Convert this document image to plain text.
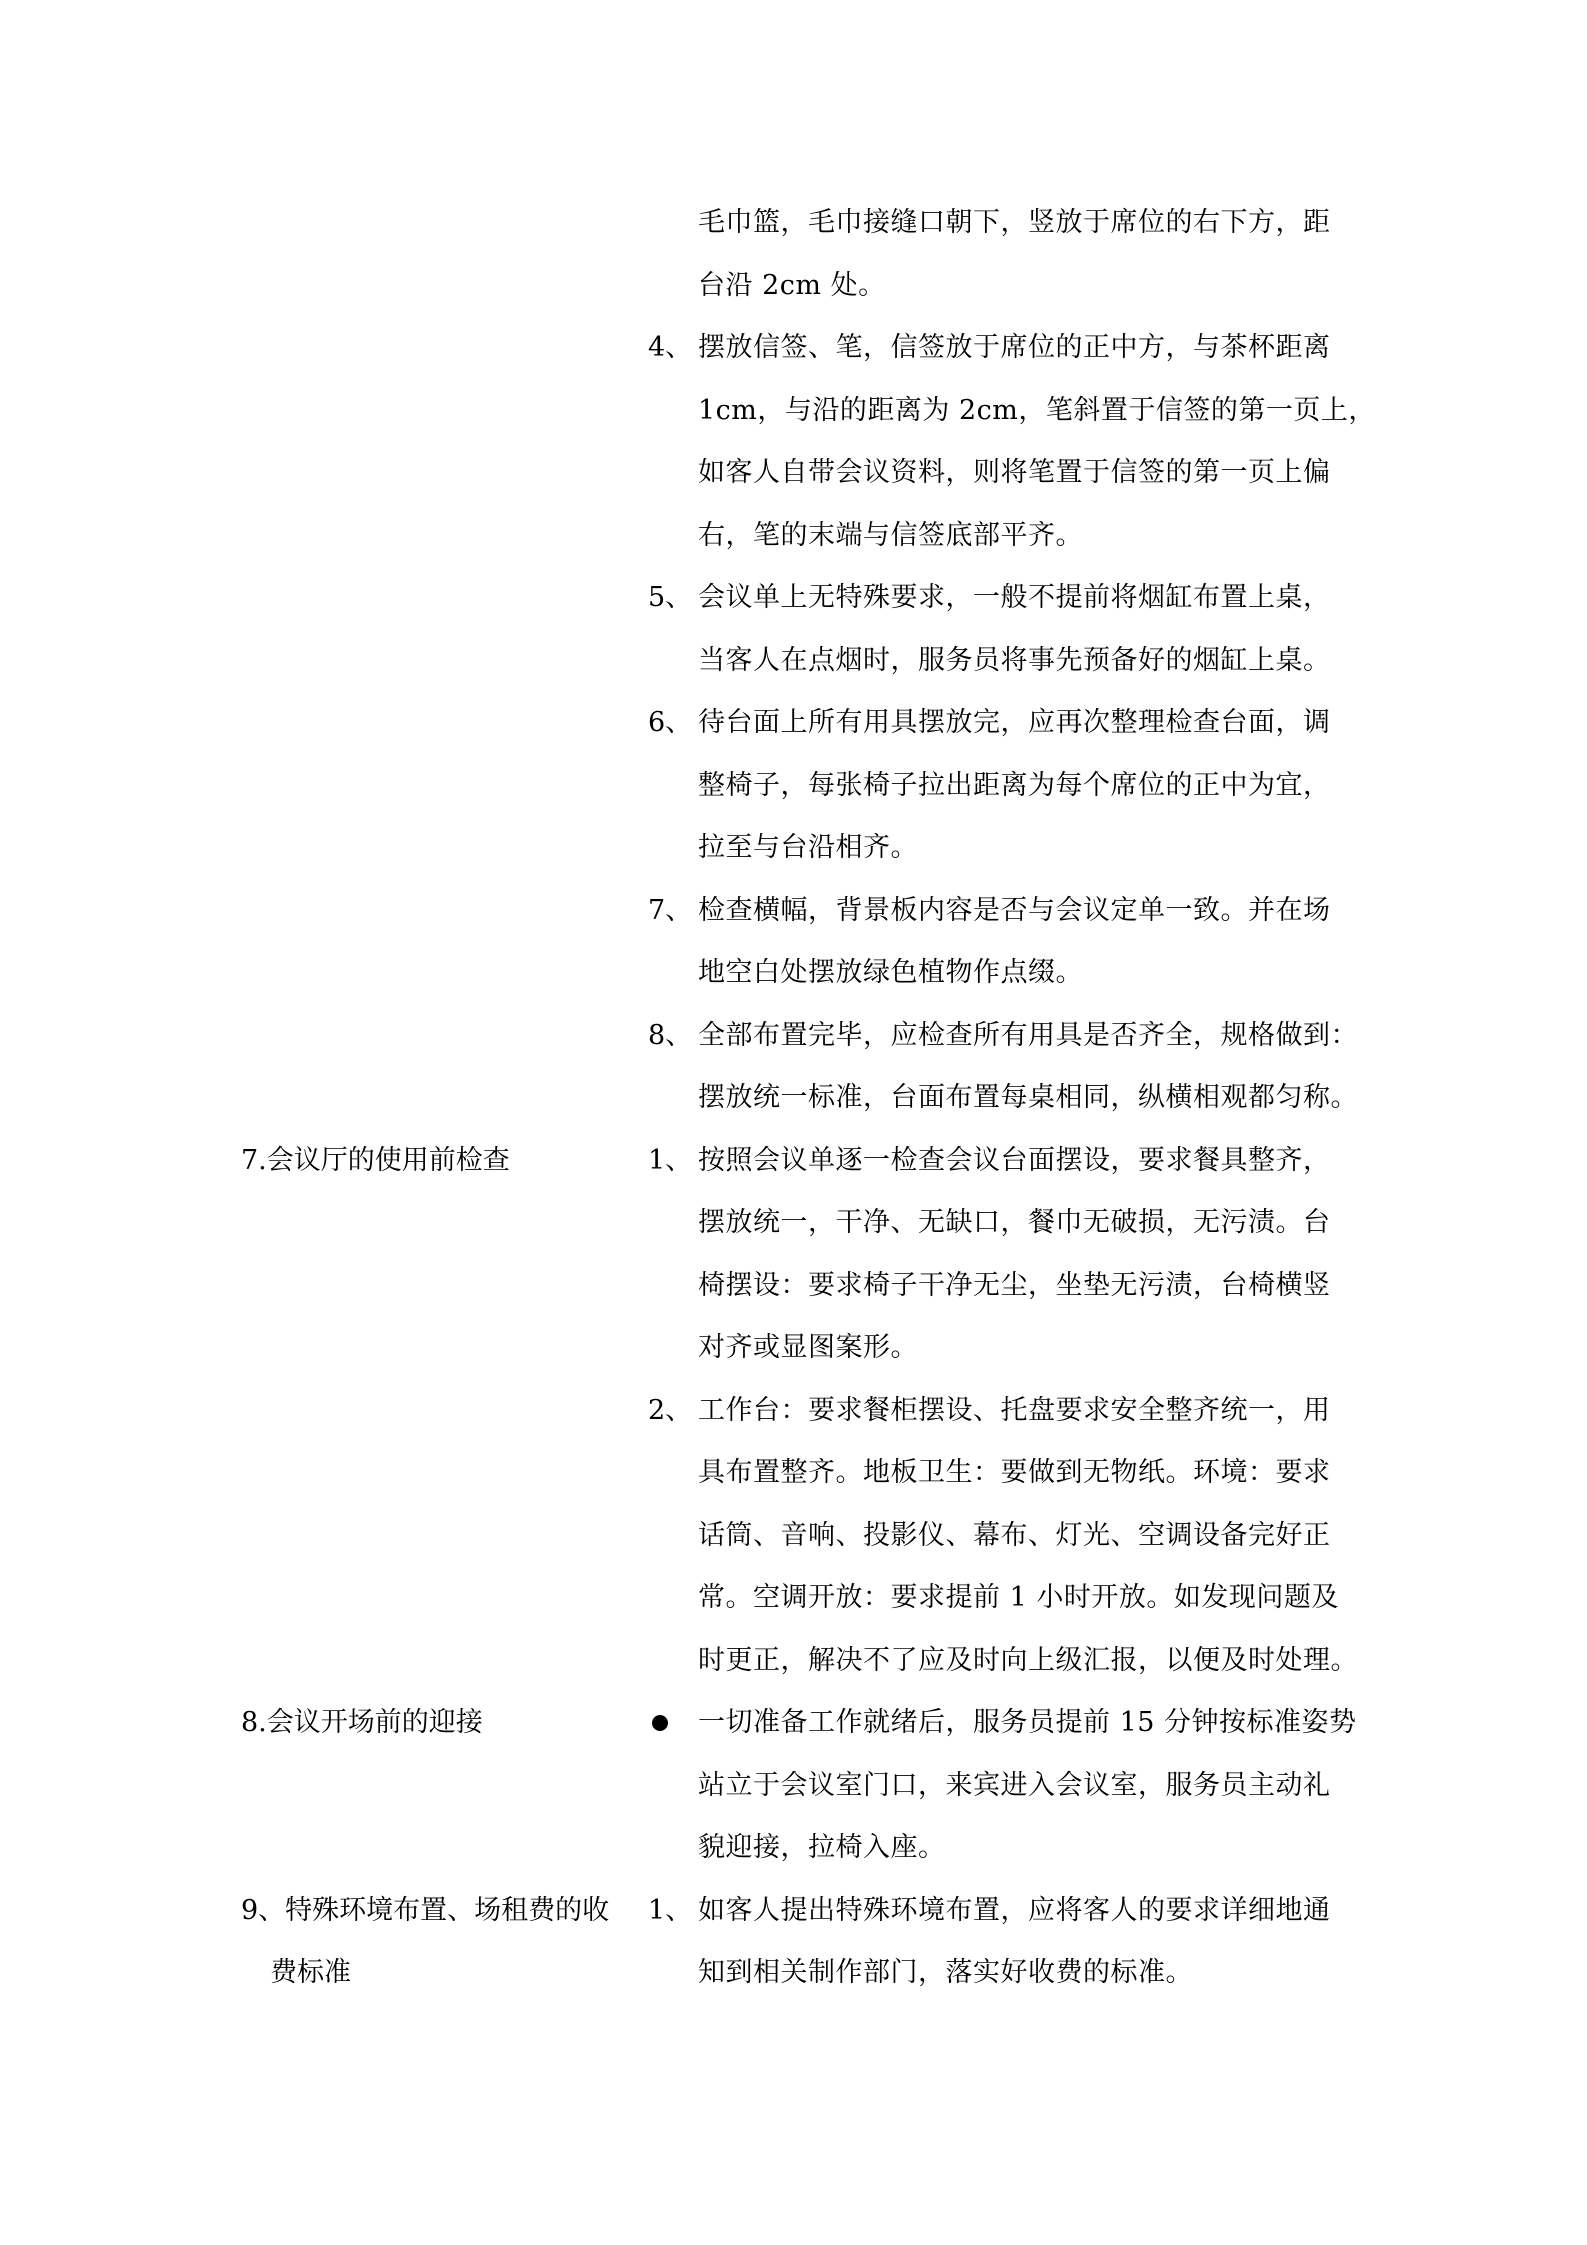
毛巾篮，毛巾接缝口朝下，竖放于席位的右下方，距
台沿 2cm 处。
4、 摆放信签、笔，信签放于席位的正中方，与茶杯距离
1cm，与沿的距离为 2cm，笔斜置于信签的第一页上，
如客人自带会议资料，则将笔置于信签的第一页上偏
右，笔的末端与信签底部平齐。
5、 会议单上无特殊要求，一般不提前将烟缸布置上桌，
当客人在点烟时，服务员将事先预备好的烟缸上桌。
6、 待台面上所有用具摆放完，应再次整理检查台面，调
整椅子，每张椅子拉出距离为每个席位的正中为宜，
拉至与台沿相齐。
7、 检查横幅，背景板内容是否与会议定单一致。并在场
地空白处摆放绿色植物作点缀。
8、 全部布置完毕，应检查所有用具是否齐全，规格做到：
摆放统一标准，台面布置每桌相同，纵横相观都匀称。
7.会议厅的使用前检查	1、 按照会议单逐一检查会议台面摆设，要求餐具整齐，
摆放统一，干净、无缺口，餐巾无破损，无污渍。台
椅摆设：要求椅子干净无尘，坐垫无污渍，台椅横竖
对齐或显图案形。
2、 工作台：要求餐柜摆设、托盘要求安全整齐统一，用
具布置整齐。地板卫生：要做到无物纸。环境：要求
话筒、音响、投影仪、幕布、灯光、空调设备完好正
常。空调开放：要求提前 1 小时开放。如发现问题及
时更正，解决不了应及时向上级汇报，以便及时处理。
8.会议开场前的迎接	一切准备工作就绪后，服务员提前 15 分钟按标准姿势
站立于会议室门口，来宾进入会议室，服务员主动礼
貌迎接，拉椅入座。
9、特殊环境布置、场租费的收
费标准
1、 如客人提出特殊环境布置，应将客人的要求详细地通
知到相关制作部门，落实好收费的标准。
